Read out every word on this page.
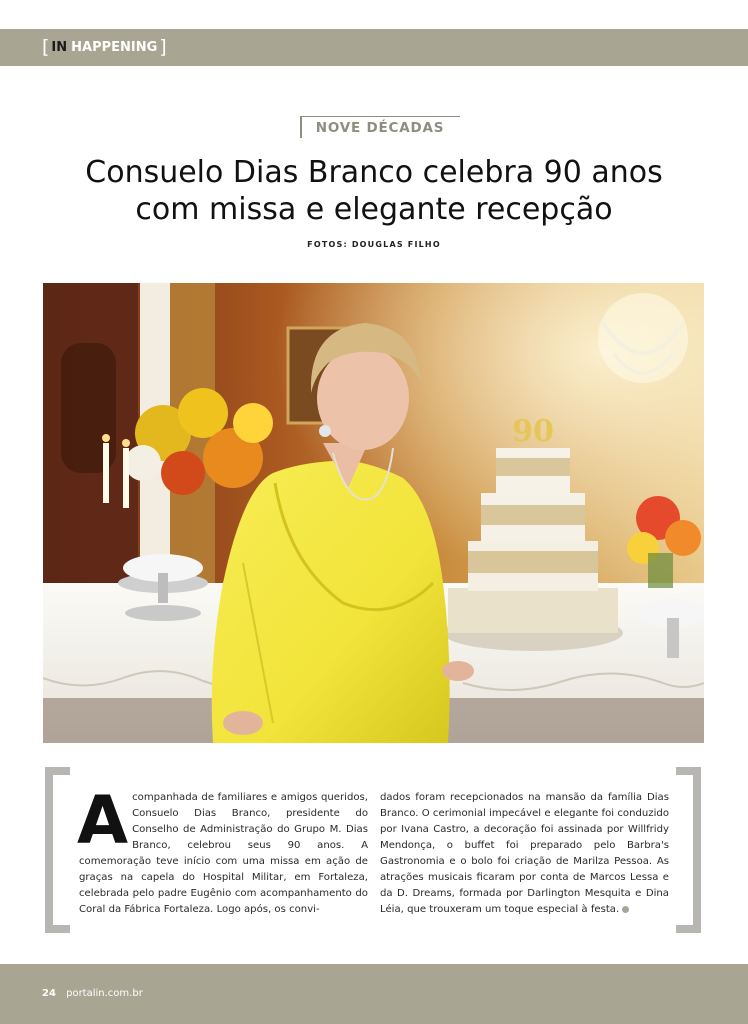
[ IN HAPPENING ]
NOVE DÉCADAS
Consuelo Dias Branco celebra 90 anos
com missa e elegante recepção
FOTOS: DOUGLAS FILHO
90
A companhada de familiares e amigos queridos, Consuelo Dias Branco, presidente do Conselho de Administração do Grupo M. Dias Branco, celebrou seus 90 anos. A comemoração teve início com uma missa em ação de graças na capela do Hospital Militar, em Fortaleza, celebrada pelo padre Eugênio com acompanhamento do Coral da Fábrica Fortaleza. Logo após, os convi-
dados foram recepcionados na mansão da família Dias Branco. O cerimonial impecável e elegante foi conduzido por Ivana Castro, a decoração foi assinada por Willfridy Mendonça, o buffet foi preparado pelo Barbra's Gastronomia e o bolo foi criação de Marilza Pessoa. As atrações musicais ficaram por conta de Marcos Lessa e da D. Dreams, formada por Darlington Mesquita e Dina Léia, que trouxeram um toque especial à festa.
24 portalin.com.br
